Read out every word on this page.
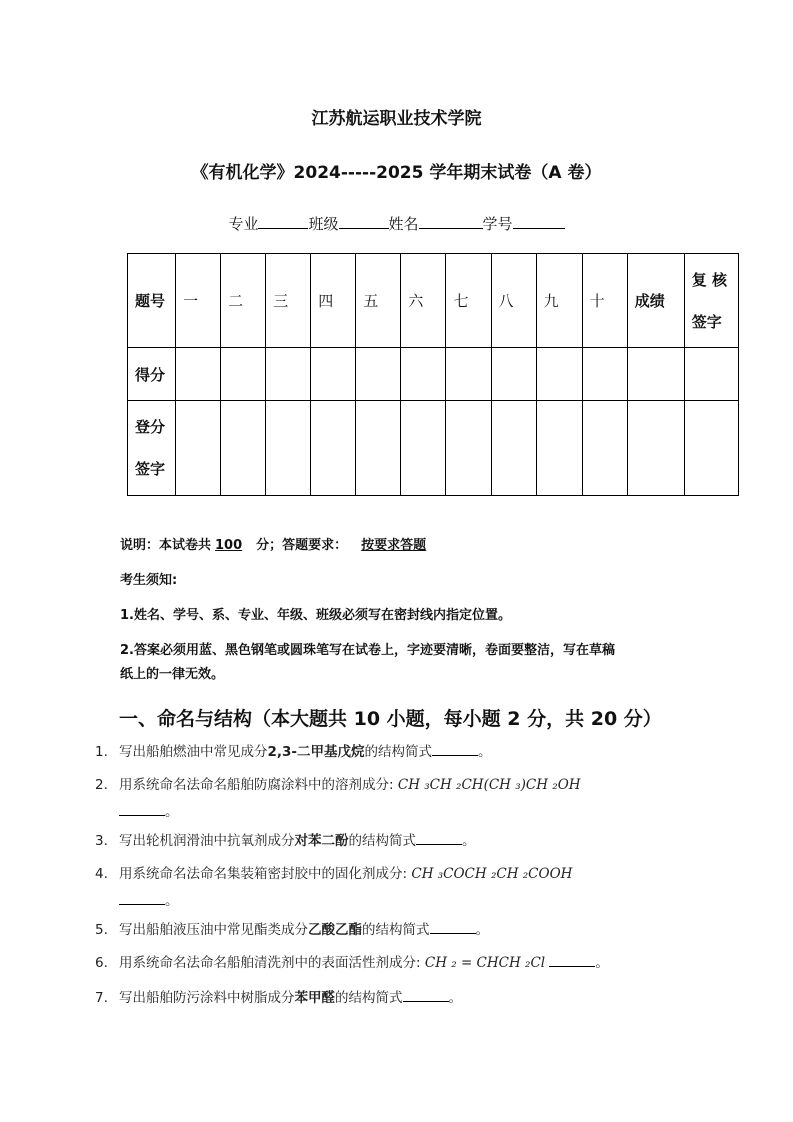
江苏航运职业技术学院
《有机化学》2024-----2025 学年期末试卷（A 卷）
专业	班级	姓名	学号
题号	一	二	三	四	五	六	七	八	九	十	成绩	复 核
签字

得分												

登分
签字												

说明：本试卷共 100 分；答题要求： 按要求答题
考生须知:
1.姓名、学号、系、专业、年级、班级必须写在密封线内指定位置。
2.答案必须用蓝、黑色钢笔或圆珠笔写在试卷上，字迹要清晰，卷面要整洁，写在草稿
纸上的一律无效。
一、命名与结构（本大题共 10 小题，每小题 2 分，共 20 分）
1. 写出船舶燃油中常见成分2,3-二甲基戊烷的结构简式	。
2. 用系统命名法命名船舶防腐涂料中的溶剂成分: CH ₃CH ₂CH(CH ₃)CH ₂OH
。
3. 写出轮机润滑油中抗氧剂成分对苯二酚的结构简式	。
4. 用系统命名法命名集装箱密封胶中的固化剂成分: CH ₃COCH ₂CH ₂COOH
。
5. 写出船舶液压油中常见酯类成分乙酸乙酯的结构简式	。
6. 用系统命名法命名船舶清洗剂中的表面活性剂成分: CH ₂ = CHCH ₂Cl	。
7. 写出船舶防污涂料中树脂成分苯甲醛的结构简式	。
